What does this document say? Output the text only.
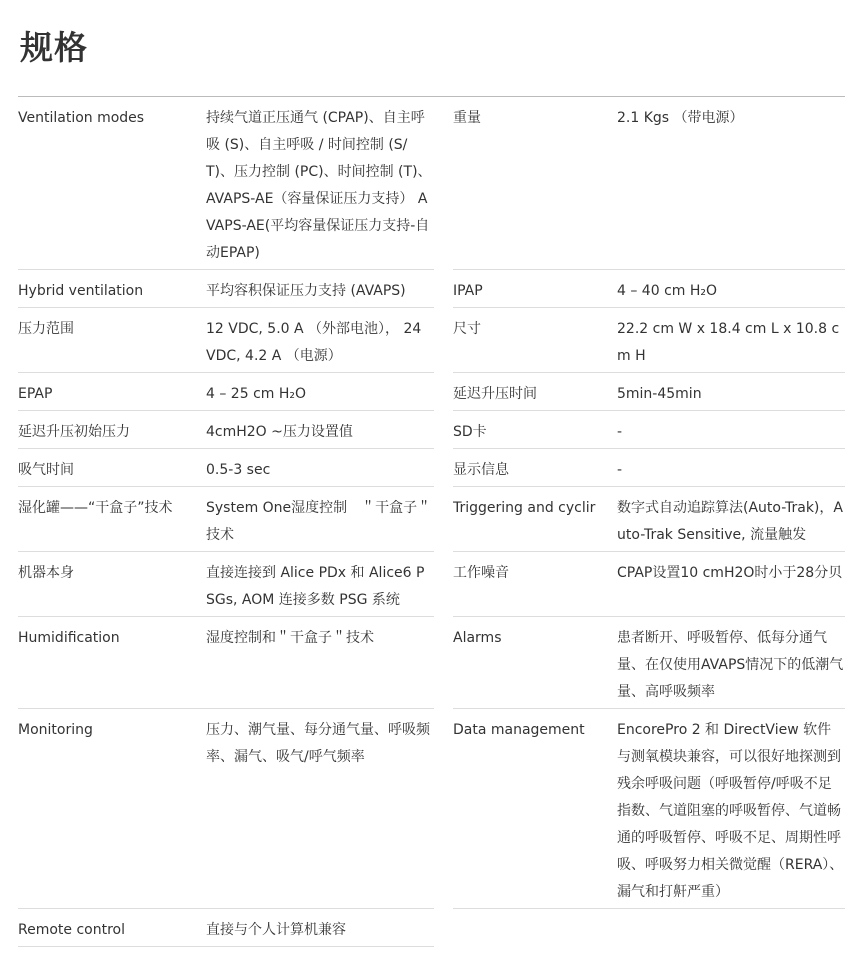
规格
Ventilation modes	持续气道正压通气 (CPAP)、自主呼吸 (S)、自主呼吸 / 时间控制 (S/T)、压力控制 (PC)、时间控制 (T)、AVAPS-AE（容量保证压力支持） AVAPS-AE(平均容量保证压力支持-自动EPAP)
Hybrid ventilation	平均容积保证压力支持 (AVAPS)
压力范围	12 VDC, 5.0 A （外部电池）， 24 VDC, 4.2 A （电源）
EPAP	4 – 25 cm H₂O
延迟升压初始压力	4cmH2O ~压力设置值
吸气时间	0.5-3 sec
湿化罐——“干盒子”技术	System One湿度控制　＂干盒子＂技术
机器本身	直接连接到 Alice PDx 和 Alice6 PSGs, AOM 连接多数 PSG 系统
Humidification	湿度控制和＂干盒子＂技术
Monitoring	压力、潮气量、每分通气量、呼吸频率、漏气、吸气/呼气频率
Remote control	直接与个人计算机兼容
重量	2.1 Kgs （带电源）
IPAP	4 – 40 cm H₂O
尺寸	22.2 cm W x 18.4 cm L x 10.8 cm H
延迟升压时间	5min-45min
SD卡	-
显示信息	-
Triggering and cyclir	数字式自动追踪算法(Auto-Trak)，Auto-Trak Sensitive, 流量触发
工作噪音	CPAP设置10 cmH2O时小于28分贝
Alarms	患者断开、呼吸暂停、低每分通气量、在仅使用AVAPS情况下的低潮气量、高呼吸频率
Data management	EncorePro 2 和 DirectView 软件与测氧模块兼容，可以很好地探测到残余呼吸问题（呼吸暂停/呼吸不足指数、气道阻塞的呼吸暂停、气道畅通的呼吸暂停、呼吸不足、周期性呼吸、呼吸努力相关微觉醒（RERA）、漏气和打鼾严重）
